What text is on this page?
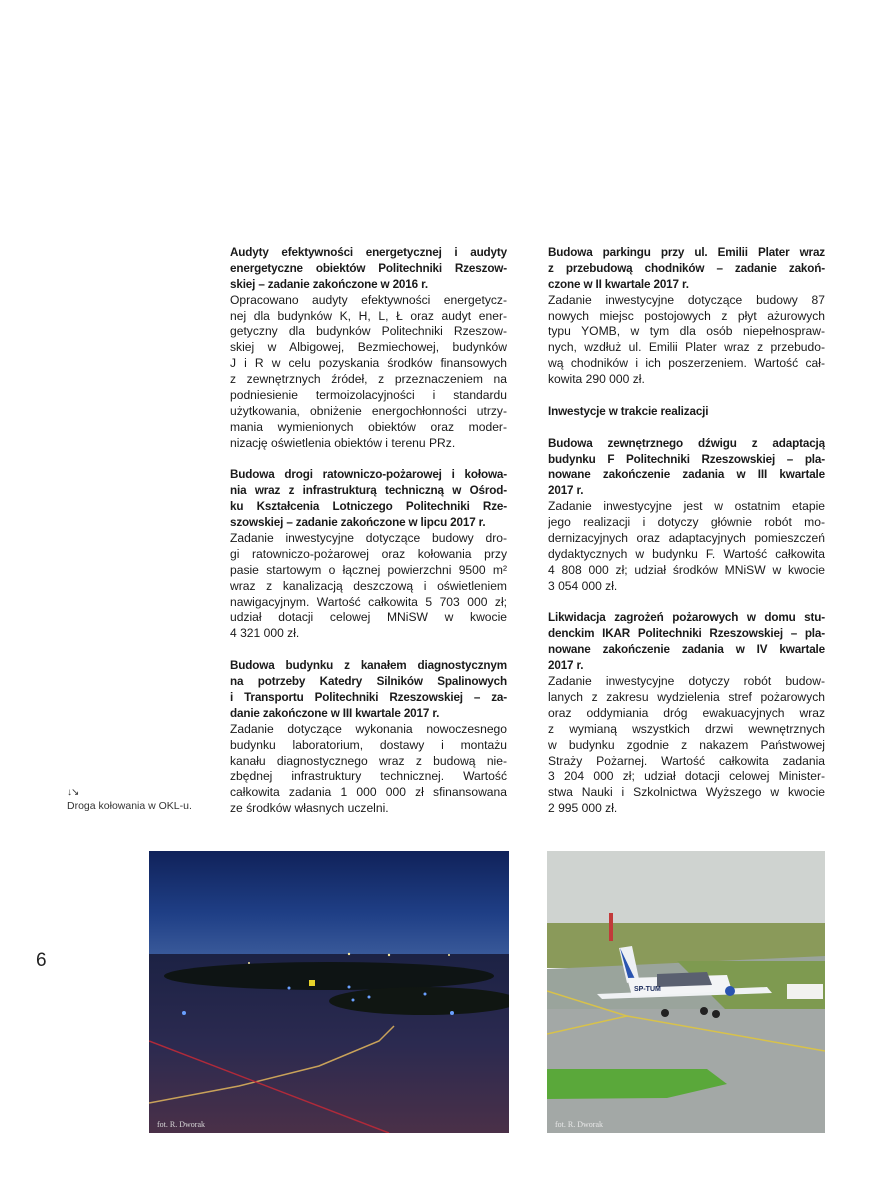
Audyty efektywności energetycznej i audyty
energetyczne obiektów Politechniki Rzeszow-
skiej – zadanie zakończone w 2016 r.
Opracowano audyty efektywności energetycz-
nej dla budynków K, H, L, Ł oraz audyt ener-
getyczny dla budynków Politechniki Rzeszow-
skiej w Albigowej, Bezmiechowej, budynków
J i R w celu pozyskania środków finansowych
z zewnętrznych źródeł, z przeznaczeniem na
podniesienie termoizolacyjności i standardu
użytkowania, obniżenie energochłonności utrzy-
mania wymienionych obiektów oraz moder-
nizację oświetlenia obiektów i terenu PRz.
Budowa drogi ratowniczo-pożarowej i kołowa-
nia wraz z infrastrukturą techniczną w Ośrod-
ku Kształcenia Lotniczego Politechniki Rze-
szowskiej – zadanie zakończone w lipcu 2017 r.
Zadanie inwestycyjne dotyczące budowy dro-
gi ratowniczo-pożarowej oraz kołowania przy
pasie startowym o łącznej powierzchni 9500 m²
wraz z kanalizacją deszczową i oświetleniem
nawigacyjnym. Wartość całkowita 5 703 000 zł;
udział dotacji celowej MNiSW w kwocie
4 321 000 zł.
Budowa budynku z kanałem diagnostycznym
na potrzeby Katedry Silników Spalinowych
i Transportu Politechniki Rzeszowskiej – za-
danie zakończone w III kwartale 2017 r.
Zadanie dotyczące wykonania nowoczesnego
budynku laboratorium, dostawy i montażu
kanału diagnostycznego wraz z budową nie-
zbędnej infrastruktury technicznej. Wartość
całkowita zadania 1 000 000 zł sfinansowana
ze środków własnych uczelni.
Budowa parkingu przy ul. Emilii Plater wraz
z przebudową chodników – zadanie zakoń-
czone w II kwartale 2017 r.
Zadanie inwestycyjne dotyczące budowy 87
nowych miejsc postojowych z płyt ażurowych
typu YOMB, w tym dla osób niepełnospraw-
nych, wzdłuż ul. Emilii Plater wraz z przebudo-
wą chodników i ich poszerzeniem. Wartość cał-
kowita 290 000 zł.
Inwestycje w trakcie realizacji
Budowa zewnętrznego dźwigu z adaptacją
budynku F Politechniki Rzeszowskiej – pla-
nowane zakończenie zadania w III kwartale
2017 r.
Zadanie inwestycyjne jest w ostatnim etapie
jego realizacji i dotyczy głównie robót mo-
dernizacyjnych oraz adaptacyjnych pomieszczeń
dydaktycznych w budynku F. Wartość całkowita
4 808 000 zł; udział środków MNiSW w kwocie
3 054 000 zł.
Likwidacja zagrożeń pożarowych w domu stu-
denckim IKAR Politechniki Rzeszowskiej – pla-
nowane zakończenie zadania w IV kwartale
2017 r.
Zadanie inwestycyjne dotyczy robót budow-
lanych z zakresu wydzielenia stref pożarowych
oraz oddymiania dróg ewakuacyjnych wraz
z wymianą wszystkich drzwi wewnętrznych
w budynku zgodnie z nakazem Państwowej
Straży Pożarnej. Wartość całkowita zadania
3 204 000 zł; udział dotacji celowej Minister-
stwa Nauki i Szkolnictwa Wyższego w kwocie
2 995 000 zł.
↓↘
Droga kołowania w OKL-u.
6
fot. R. Dworak
SP-TUM
fot. R. Dworak
